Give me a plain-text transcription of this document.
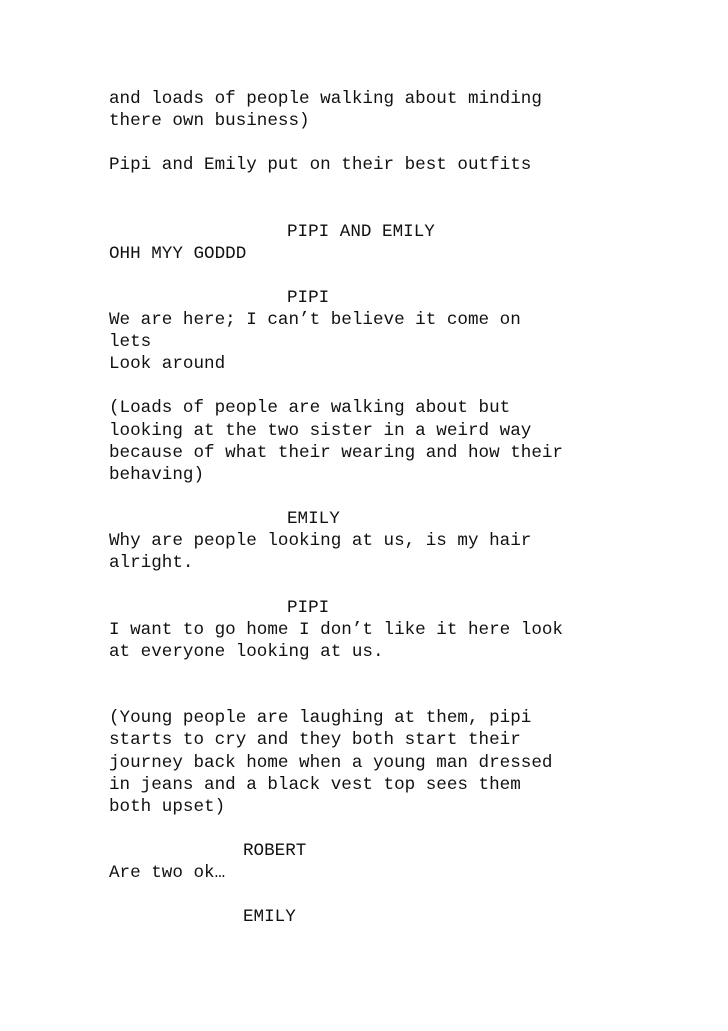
and loads of people walking about minding

there own business)

Pipi and Emily put on their best outfits

PIPI AND EMILY

OHH MYY GODDD

PIPI

We are here; I can’t believe it come on

lets

Look around

(Loads of people are walking about but

looking at the two sister in a weird way

because of what their wearing and how their

behaving)

EMILY

Why are people looking at us, is my hair

alright.

PIPI

I want to go home I don’t like it here look

at everyone looking at us.

(Young people are laughing at them, pipi

starts to cry and they both start their

journey back home when a young man dressed

in jeans and a black vest top sees them

both upset)

ROBERT

Are two ok…

EMILY
